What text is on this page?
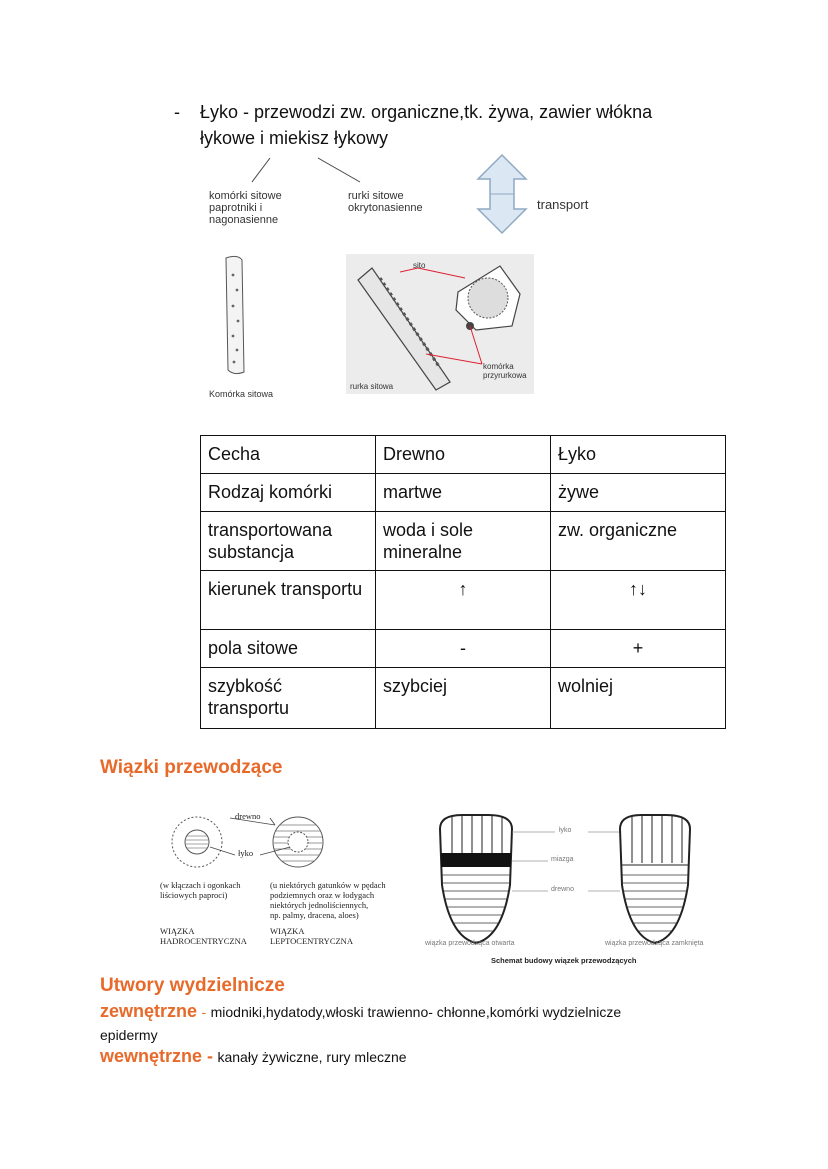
- Łyko - przewodzi zw. organiczne,tk. żywa, zawier włókna
łykowe i miekisz łykowy
komórki sitowe
paprotniki i
nagonasienne
rurki sitowe
okrytonasienne	transport
Komórka sitowa
sito
rurka sitowa
komórka
przyrurkowa
Cecha	Drewno	Łyko
Rodzaj komórki	martwe	żywe
transportowana substancja	woda i sole mineralne	zw. organiczne
kierunek transportu	↑	↑↓
pola sitowe	-	+
szybkość transportu	szybciej	wolniej
Wiązki przewodzące
drewno
łyko
(w kłączach i ogonkach
liściowych paproci)
(u niektórych gatunków w pędach
podziemnych oraz w łodygach
niektórych jednoliściennych,
np. palmy, dracena, aloes)
WIĄZKA
HADROCENTRYCZNA
WIĄZKA
LEPTOCENTRYCZNA
łyko
miazga
drewno
wiązka przewodząca otwarta	wiązka przewodząca zamknięta
Schemat budowy wiązek przewodzących
Utwory wydzielnicze
zewnętrzne - miodniki,hydatody,włoski trawienno- chłonne,komórki wydzielnicze
epidermy
wewnętrzne - kanały żywiczne, rury mleczne
